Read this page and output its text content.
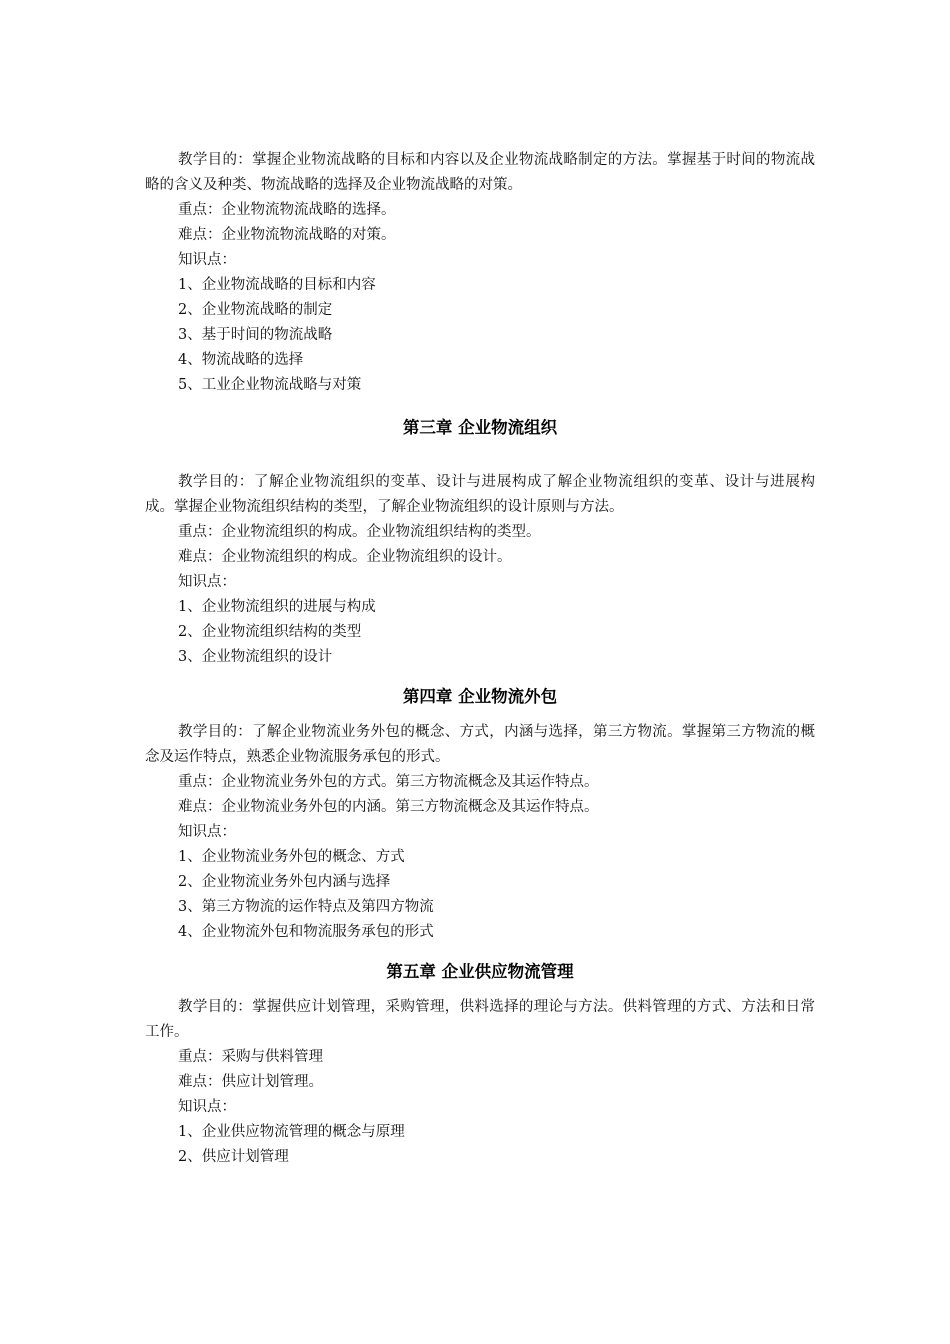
教学目的：掌握企业物流战略的目标和内容以及企业物流战略制定的方法。掌握基于时间的物流战略的含义及种类、物流战略的选择及企业物流战略的对策。

重点：企业物流物流战略的选择。

难点：企业物流物流战略的对策。

知识点：

1、企业物流战略的目标和内容

2、企业物流战略的制定

3、基于时间的物流战略

4、物流战略的选择

5、工业企业物流战略与对策

第三章 企业物流组织

教学目的：了解企业物流组织的变革、设计与进展构成了解企业物流组织的变革、设计与进展构成。掌握企业物流组织结构的类型，了解企业物流组织的设计原则与方法。

重点：企业物流组织的构成。企业物流组织结构的类型。

难点：企业物流组织的构成。企业物流组织的设计。

知识点：

1、企业物流组织的进展与构成

2、企业物流组织结构的类型

3、企业物流组织的设计

第四章 企业物流外包

教学目的：了解企业物流业务外包的概念、方式，内涵与选择，第三方物流。掌握第三方物流的概念及运作特点，熟悉企业物流服务承包的形式。

重点：企业物流业务外包的方式。第三方物流概念及其运作特点。

难点：企业物流业务外包的内涵。第三方物流概念及其运作特点。

知识点：

1、企业物流业务外包的概念、方式

2、企业物流业务外包内涵与选择

3、第三方物流的运作特点及第四方物流

4、企业物流外包和物流服务承包的形式

第五章 企业供应物流管理

教学目的：掌握供应计划管理，采购管理，供料选择的理论与方法。供料管理的方式、方法和日常工作。

重点：采购与供料管理

难点：供应计划管理。

知识点：

1、企业供应物流管理的概念与原理

2、供应计划管理
